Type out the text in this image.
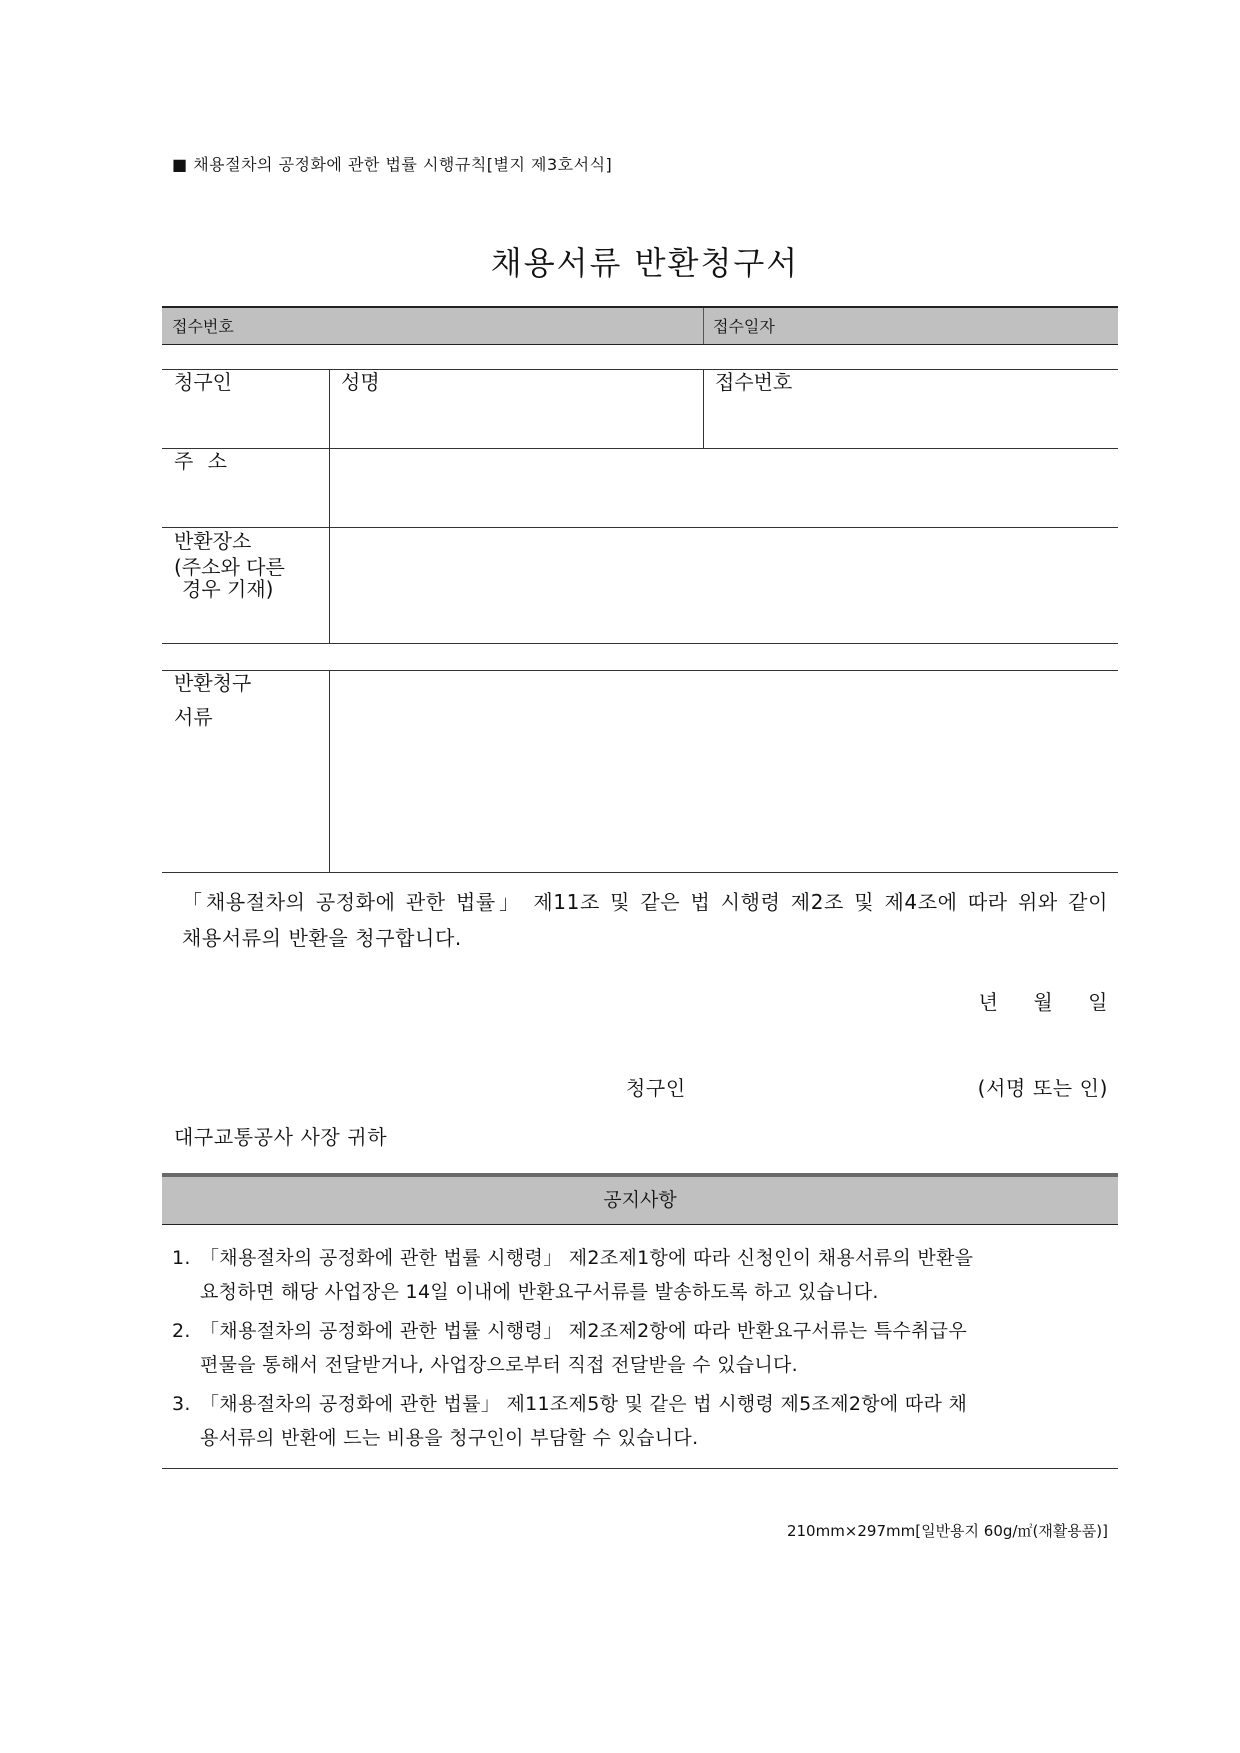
■ 채용절차의 공정화에 관한 법률 시행규칙[별지 제3호서식]
채용서류 반환청구서
접수번호	접수일자
청구인	성명	접수번호
주 소
반환장소
(주소와 다른
경우 기재)
반환청구
서류
「채용절차의 공정화에 관한 법률」 제11조 및 같은 법 시행령 제2조 및 제4조에 따라 위와 같이
채용서류의 반환을 청구합니다.
년     월     일
청구인	(서명 또는 인)
대구교통공사 사장 귀하
공지사항
1. 「채용절차의 공정화에 관한 법률 시행령」 제2조제1항에 따라 신청인이 채용서류의 반환을
요청하면 해당 사업장은 14일 이내에 반환요구서류를 발송하도록 하고 있습니다.
2. 「채용절차의 공정화에 관한 법률 시행령」 제2조제2항에 따라 반환요구서류는 특수취급우
편물을 통해서 전달받거나, 사업장으로부터 직접 전달받을 수 있습니다.
3. 「채용절차의 공정화에 관한 법률」 제11조제5항 및 같은 법 시행령 제5조제2항에 따라 채
용서류의 반환에 드는 비용을 청구인이 부담할 수 있습니다.
210mm×297mm[일반용지 60g/㎡(재활용품)]
